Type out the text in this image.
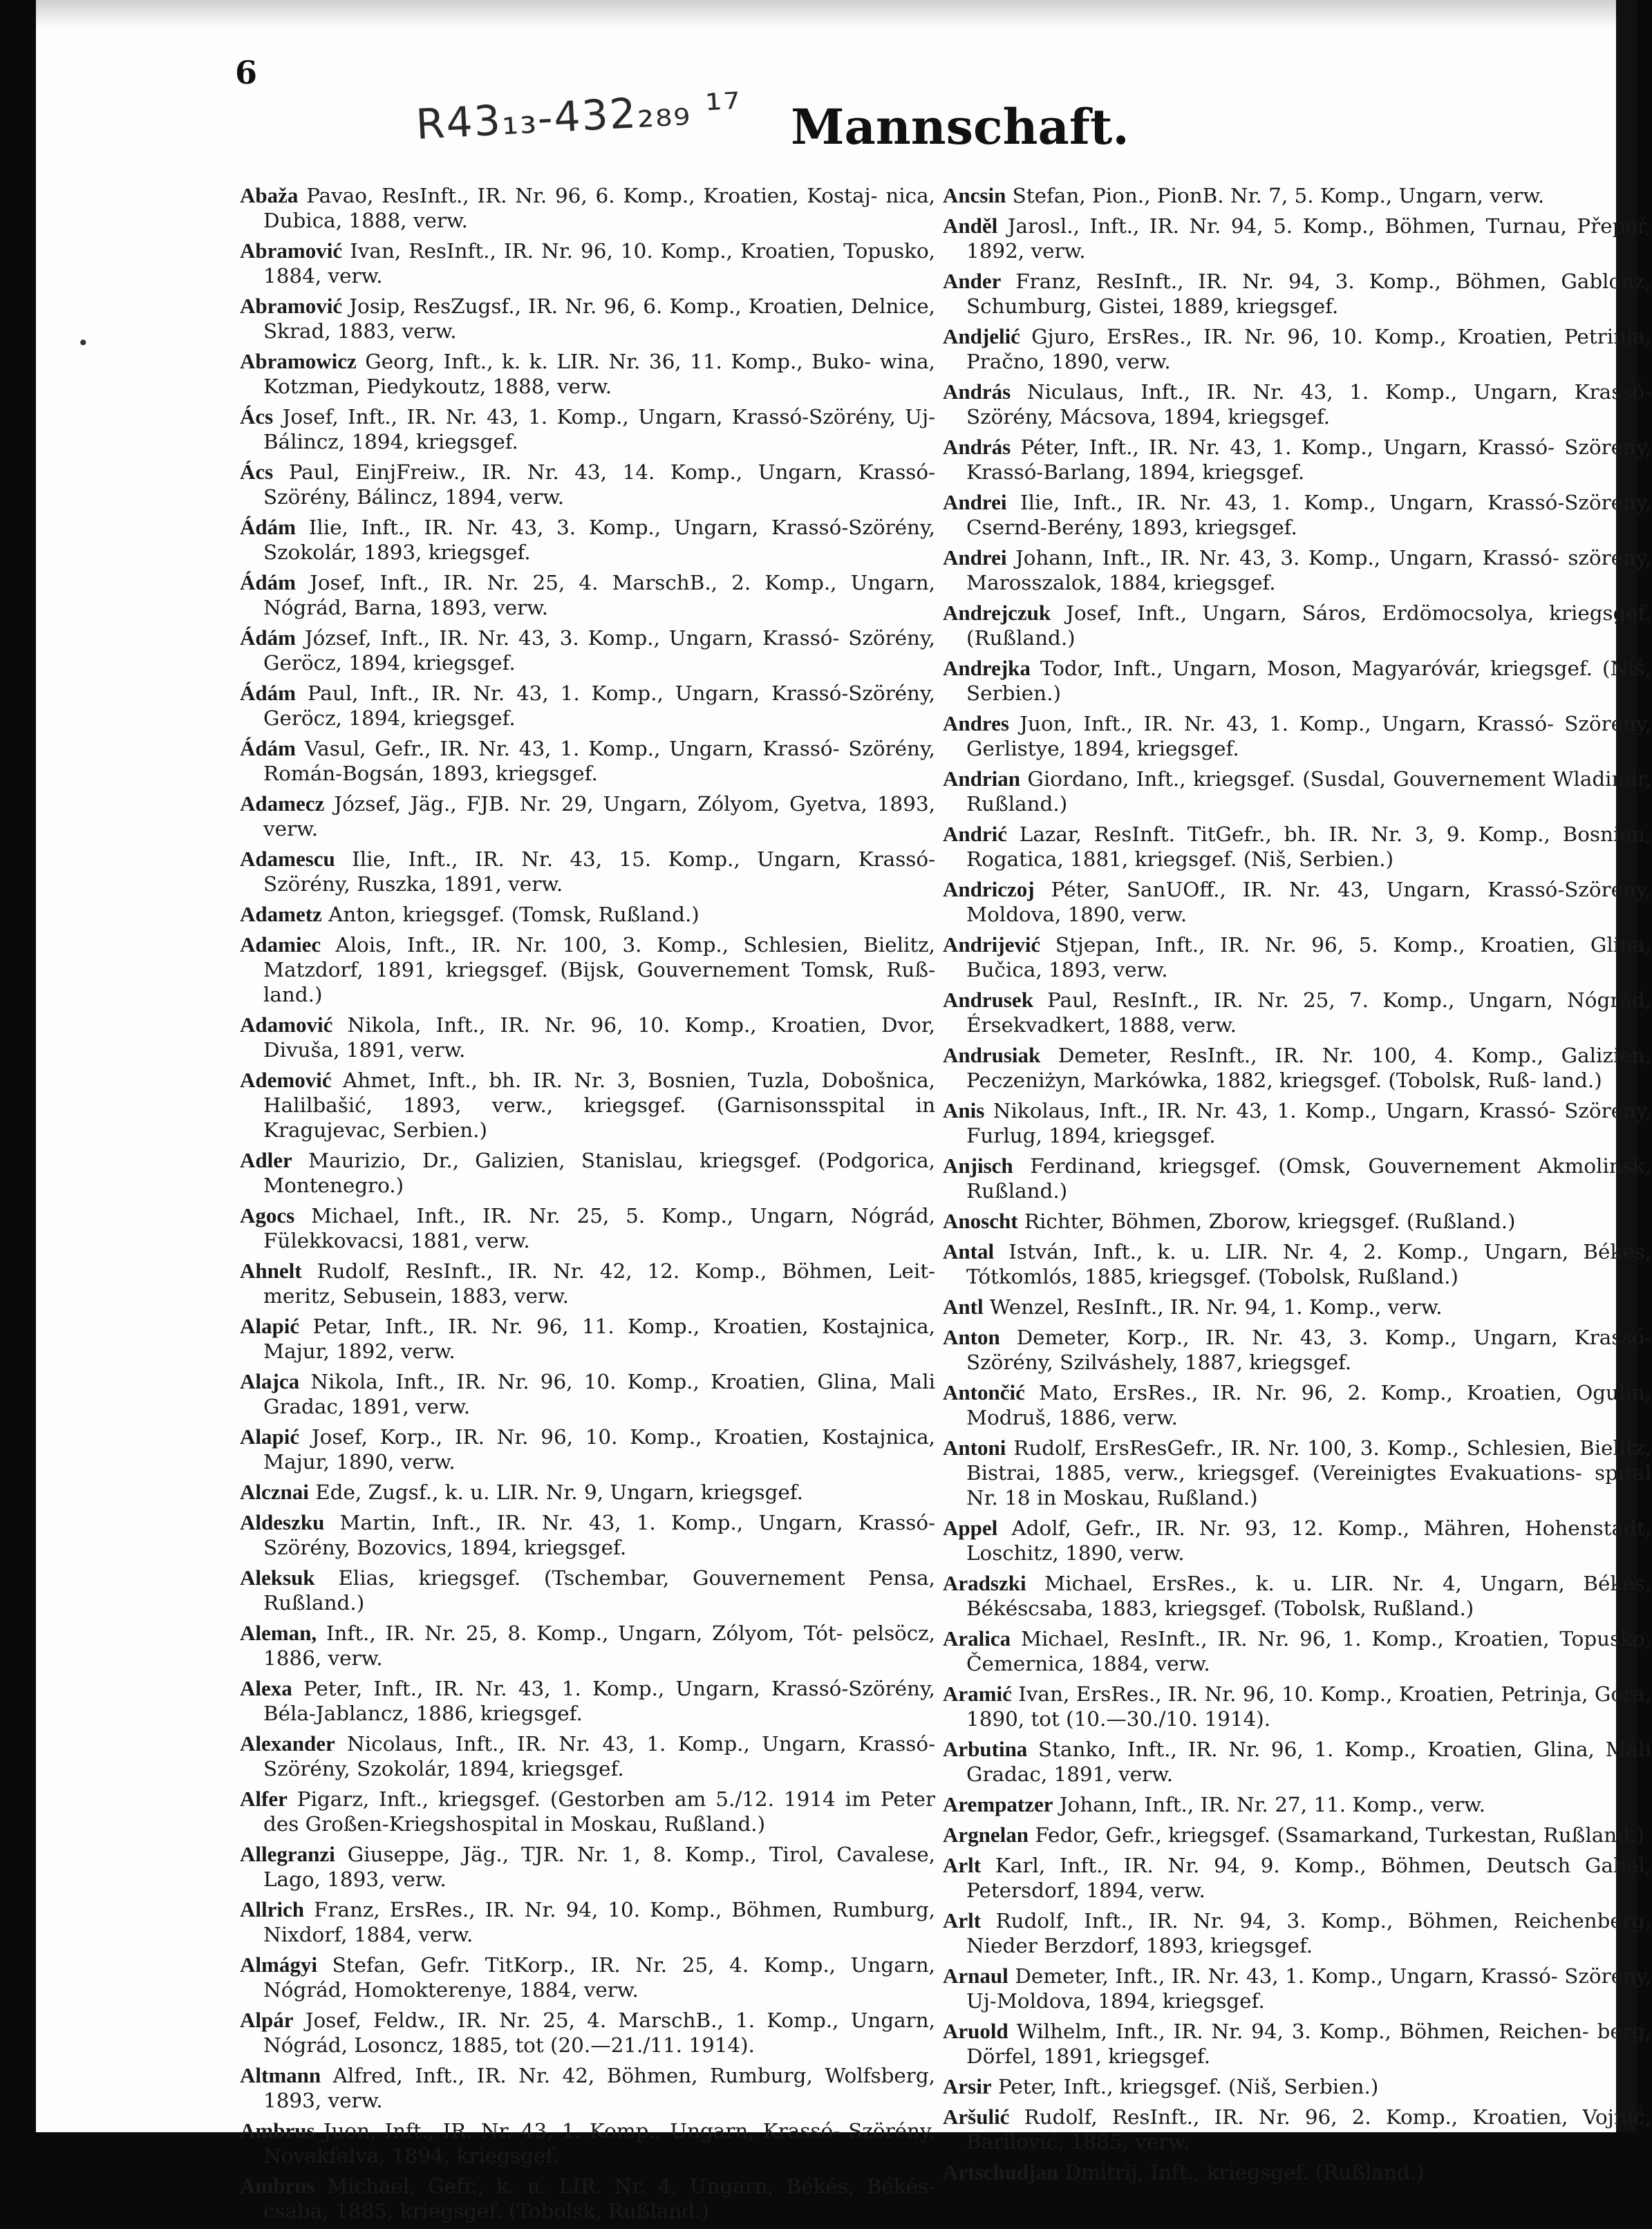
6
R43₁₃-432₂₈₉ ¹⁷ Mannschaft.
•

Abaža Pavao, ResInft., IR. Nr. 96, 6. Komp., Kroatien, Kostaj- nica, Dubica, 1888, verw.

Abramović Ivan, ResInft., IR. Nr. 96, 10. Komp., Kroatien, Topusko, 1884, verw.

Abramović Josip, ResZugsf., IR. Nr. 96, 6. Komp., Kroatien, Delnice, Skrad, 1883, verw.

Abramowicz Georg, Inft., k. k. LIR. Nr. 36, 11. Komp., Buko- wina, Kotzman, Piedykoutz, 1888, verw.

Ács Josef, Inft., IR. Nr. 43, 1. Komp., Ungarn, Krassó-Szörény, Uj-Bálincz, 1894, kriegsgef.

Ács Paul, EinjFreiw., IR. Nr. 43, 14. Komp., Ungarn, Krassó- Szörény, Bálincz, 1894, verw.

Ádám Ilie, Inft., IR. Nr. 43, 3. Komp., Ungarn, Krassó-Szörény, Szokolár, 1893, kriegsgef.

Ádám Josef, Inft., IR. Nr. 25, 4. MarschB., 2. Komp., Ungarn, Nógrád, Barna, 1893, verw.

Ádám József, Inft., IR. Nr. 43, 3. Komp., Ungarn, Krassó- Szörény, Geröcz, 1894, kriegsgef.

Ádám Paul, Inft., IR. Nr. 43, 1. Komp., Ungarn, Krassó-Szörény, Geröcz, 1894, kriegsgef.

Ádám Vasul, Gefr., IR. Nr. 43, 1. Komp., Ungarn, Krassó- Szörény, Román-Bogsán, 1893, kriegsgef.

Adamecz József, Jäg., FJB. Nr. 29, Ungarn, Zólyom, Gyetva, 1893, verw.

Adamescu Ilie, Inft., IR. Nr. 43, 15. Komp., Ungarn, Krassó- Szörény, Ruszka, 1891, verw.

Adametz Anton, kriegsgef. (Tomsk, Rußland.)

Adamiec Alois, Inft., IR. Nr. 100, 3. Komp., Schlesien, Bielitz, Matzdorf, 1891, kriegsgef. (Bijsk, Gouvernement Tomsk, Ruß- land.)

Adamović Nikola, Inft., IR. Nr. 96, 10. Komp., Kroatien, Dvor, Divuša, 1891, verw.

Ademović Ahmet, Inft., bh. IR. Nr. 3, Bosnien, Tuzla, Dobošnica, Halilbašić, 1893, verw., kriegsgef. (Garnisonsspital in Kragujevac, Serbien.)

Adler Maurizio, Dr., Galizien, Stanislau, kriegsgef. (Podgorica, Montenegro.)

Agocs Michael, Inft., IR. Nr. 25, 5. Komp., Ungarn, Nógrád, Fülekkovacsi, 1881, verw.

Ahnelt Rudolf, ResInft., IR. Nr. 42, 12. Komp., Böhmen, Leit- meritz, Sebusein, 1883, verw.

Alapić Petar, Inft., IR. Nr. 96, 11. Komp., Kroatien, Kostajnica, Majur, 1892, verw.

Alajca Nikola, Inft., IR. Nr. 96, 10. Komp., Kroatien, Glina, Mali Gradac, 1891, verw.

Alapić Josef, Korp., IR. Nr. 96, 10. Komp., Kroatien, Kostajnica, Majur, 1890, verw.

Alcznai Ede, Zugsf., k. u. LIR. Nr. 9, Ungarn, kriegsgef.

Aldeszku Martin, Inft., IR. Nr. 43, 1. Komp., Ungarn, Krassó- Szörény, Bozovics, 1894, kriegsgef.

Aleksuk Elias, kriegsgef. (Tschembar, Gouvernement Pensa, Rußland.)

Aleman, Inft., IR. Nr. 25, 8. Komp., Ungarn, Zólyom, Tót- pelsöcz, 1886, verw.

Alexa Peter, Inft., IR. Nr. 43, 1. Komp., Ungarn, Krassó-Szörény, Béla-Jablancz, 1886, kriegsgef.

Alexander Nicolaus, Inft., IR. Nr. 43, 1. Komp., Ungarn, Krassó- Szörény, Szokolár, 1894, kriegsgef.

Alfer Pigarz, Inft., kriegsgef. (Gestorben am 5./12. 1914 im Peter des Großen-Kriegshospital in Moskau, Rußland.)

Allegranzi Giuseppe, Jäg., TJR. Nr. 1, 8. Komp., Tirol, Cavalese, Lago, 1893, verw.

Allrich Franz, ErsRes., IR. Nr. 94, 10. Komp., Böhmen, Rumburg, Nixdorf, 1884, verw.

Almágyi Stefan, Gefr. TitKorp., IR. Nr. 25, 4. Komp., Ungarn, Nógrád, Homokterenye, 1884, verw.

Alpár Josef, Feldw., IR. Nr. 25, 4. MarschB., 1. Komp., Ungarn, Nógrád, Losoncz, 1885, tot (20.—21./11. 1914).

Altmann Alfred, Inft., IR. Nr. 42, Böhmen, Rumburg, Wolfsberg, 1893, verw.

Ambrus Juon, Inft., IR. Nr. 43, 1. Komp., Ungarn, Krassó- Szörény, Novakfalva, 1894, kriegsgef.

Ambrus Michael, Gefr., k. u. LIR. Nr. 4, Ungarn, Békés, Békés- csaba, 1885, kriegsgef. (Tobolsk, Rußland.)

Ancsin Stefan, Pion., PionB. Nr. 7, 5. Komp., Ungarn, verw.

Anděl Jarosl., Inft., IR. Nr. 94, 5. Komp., Böhmen, Turnau, Přepeř, 1892, verw.

Ander Franz, ResInft., IR. Nr. 94, 3. Komp., Böhmen, Gablonz, Schumburg, Gistei, 1889, kriegsgef.

Andjelić Gjuro, ErsRes., IR. Nr. 96, 10. Komp., Kroatien, Petrinja, Pračno, 1890, verw.

András Niculaus, Inft., IR. Nr. 43, 1. Komp., Ungarn, Krassó- Szörény, Mácsova, 1894, kriegsgef.

András Péter, Inft., IR. Nr. 43, 1. Komp., Ungarn, Krassó- Szöreny, Krassó-Barlang, 1894, kriegsgef.

Andrei Ilie, Inft., IR. Nr. 43, 1. Komp., Ungarn, Krassó-Szörény, Csernd-Berény, 1893, kriegsgef.

Andrei Johann, Inft., IR. Nr. 43, 3. Komp., Ungarn, Krassó- szörény, Marosszalok, 1884, kriegsgef.

Andrejczuk Josef, Inft., Ungarn, Sáros, Erdömocsolya, kriegsgef. (Rußland.)

Andrejka Todor, Inft., Ungarn, Moson, Magyaróvár, kriegsgef. (Niš, Serbien.)

Andres Juon, Inft., IR. Nr. 43, 1. Komp., Ungarn, Krassó- Szörény, Gerlistye, 1894, kriegsgef.

Andrian Giordano, Inft., kriegsgef. (Susdal, Gouvernement Wladimir, Rußland.)

Andrić Lazar, ResInft. TitGefr., bh. IR. Nr. 3, 9. Komp., Bosnien, Rogatica, 1881, kriegsgef. (Niš, Serbien.)

Andriczoj Péter, SanUOff., IR. Nr. 43, Ungarn, Krassó-Szörény, Moldova, 1890, verw.

Andrijević Stjepan, Inft., IR. Nr. 96, 5. Komp., Kroatien, Glina, Bučica, 1893, verw.

Andrusek Paul, ResInft., IR. Nr. 25, 7. Komp., Ungarn, Nógrád, Érsekvadkert, 1888, verw.

Andrusiak Demeter, ResInft., IR. Nr. 100, 4. Komp., Galizien, Peczeniżyn, Markówka, 1882, kriegsgef. (Tobolsk, Ruß- land.)

Anis Nikolaus, Inft., IR. Nr. 43, 1. Komp., Ungarn, Krassó- Szörény, Furlug, 1894, kriegsgef.

Anjisch Ferdinand, kriegsgef. (Omsk, Gouvernement Akmolinsk, Rußland.)

Anoscht Richter, Böhmen, Zborow, kriegsgef. (Rußland.)

Antal István, Inft., k. u. LIR. Nr. 4, 2. Komp., Ungarn, Békés, Tótkomlós, 1885, kriegsgef. (Tobolsk, Rußland.)

Antl Wenzel, ResInft., IR. Nr. 94, 1. Komp., verw.

Anton Demeter, Korp., IR. Nr. 43, 3. Komp., Ungarn, Krassó- Szörény, Szilváshely, 1887, kriegsgef.

Antončić Mato, ErsRes., IR. Nr. 96, 2. Komp., Kroatien, Ogulin, Modruš, 1886, verw.

Antoni Rudolf, ErsResGefr., IR. Nr. 100, 3. Komp., Schlesien, Bielitz, Bistrai, 1885, verw., kriegsgef. (Vereinigtes Evakuations- spital Nr. 18 in Moskau, Rußland.)

Appel Adolf, Gefr., IR. Nr. 93, 12. Komp., Mähren, Hohenstadt, Loschitz, 1890, verw.

Aradszki Michael, ErsRes., k. u. LIR. Nr. 4, Ungarn, Békés, Békéscsaba, 1883, kriegsgef. (Tobolsk, Rußland.)

Aralica Michael, ResInft., IR. Nr. 96, 1. Komp., Kroatien, Topusko, Čemernica, 1884, verw.

Aramić Ivan, ErsRes., IR. Nr. 96, 10. Komp., Kroatien, Petrinja, Gora, 1890, tot (10.—30./10. 1914).

Arbutina Stanko, Inft., IR. Nr. 96, 1. Komp., Kroatien, Glina, Mali Gradac, 1891, verw.

Arempatzer Johann, Inft., IR. Nr. 27, 11. Komp., verw.

Argnelan Fedor, Gefr., kriegsgef. (Ssamarkand, Turkestan, Rußland.)

Arlt Karl, Inft., IR. Nr. 94, 9. Komp., Böhmen, Deutsch Gabel, Petersdorf, 1894, verw.

Arlt Rudolf, Inft., IR. Nr. 94, 3. Komp., Böhmen, Reichenberg, Nieder Berzdorf, 1893, kriegsgef.

Arnaul Demeter, Inft., IR. Nr. 43, 1. Komp., Ungarn, Krassó- Szörény, Uj-Moldova, 1894, kriegsgef.

Aruold Wilhelm, Inft., IR. Nr. 94, 3. Komp., Böhmen, Reichen- berg, Dörfel, 1891, kriegsgef.

Arsir Peter, Inft., kriegsgef. (Niš, Serbien.)

Aršulić Rudolf, ResInft., IR. Nr. 96, 2. Komp., Kroatien, Vojnić, Barilović, 1885, verw.

Artschudjan Dmitrij, Inft., kriegsgef. (Rußland.)
